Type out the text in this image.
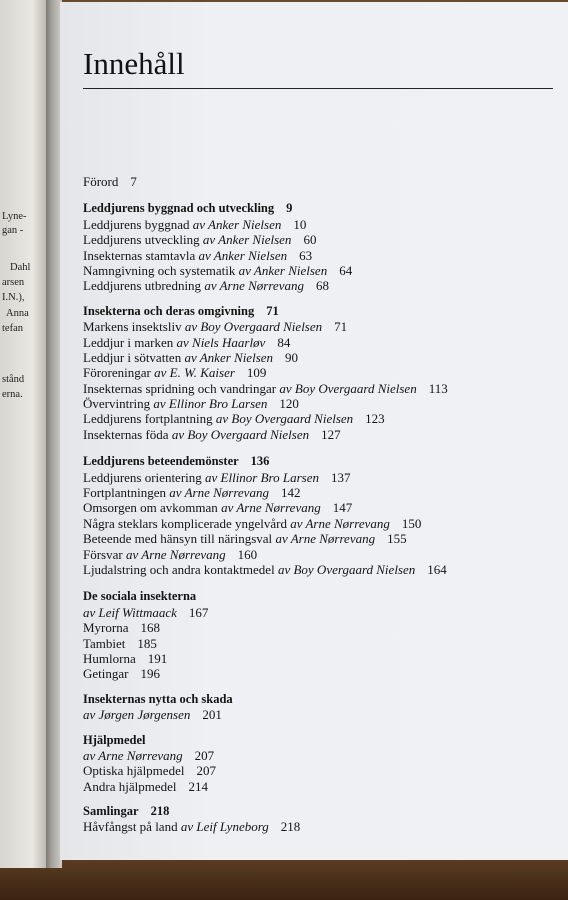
Lyne-
gan -
Dahl
arsen
I.N.),
Anna
tefan
stånd
erna.
Innehåll
Förord 7
Leddjurens byggnad och utveckling 9
Leddjurens byggnad av Anker Nielsen 10
Leddjurens utveckling av Anker Nielsen 60
Insekternas stamtavla av Anker Nielsen 63
Namngivning och systematik av Anker Nielsen 64
Leddjurens utbredning av Arne Nørrevang 68
Insekterna och deras omgivning 71
Markens insektsliv av Boy Overgaard Nielsen 71
Leddjur i marken av Niels Haarløv 84
Leddjur i sötvatten av Anker Nielsen 90
Föroreningar av E. W. Kaiser 109
Insekternas spridning och vandringar av Boy Overgaard Nielsen 113
Övervintring av Ellinor Bro Larsen 120
Leddjurens fortplantning av Boy Overgaard Nielsen 123
Insekternas föda av Boy Overgaard Nielsen 127
Leddjurens beteendemönster 136
Leddjurens orientering av Ellinor Bro Larsen 137
Fortplantningen av Arne Nørrevang 142
Omsorgen om avkomman av Arne Nørrevang 147
Några steklars komplicerade yngelvård av Arne Nørrevang 150
Beteende med hänsyn till näringsval av Arne Nørrevang 155
Försvar av Arne Nørrevang 160
Ljudalstring och andra kontaktmedel av Boy Overgaard Nielsen 164
De sociala insekterna
av Leif Wittmaack 167
Myrorna 168
Tambiet 185
Humlorna 191
Getingar 196
Insekternas nytta och skada
av Jørgen Jørgensen 201
Hjälpmedel
av Arne Nørrevang 207
Optiska hjälpmedel 207
Andra hjälpmedel 214
Samlingar 218
Håvfångst på land av Leif Lyneborg 218
